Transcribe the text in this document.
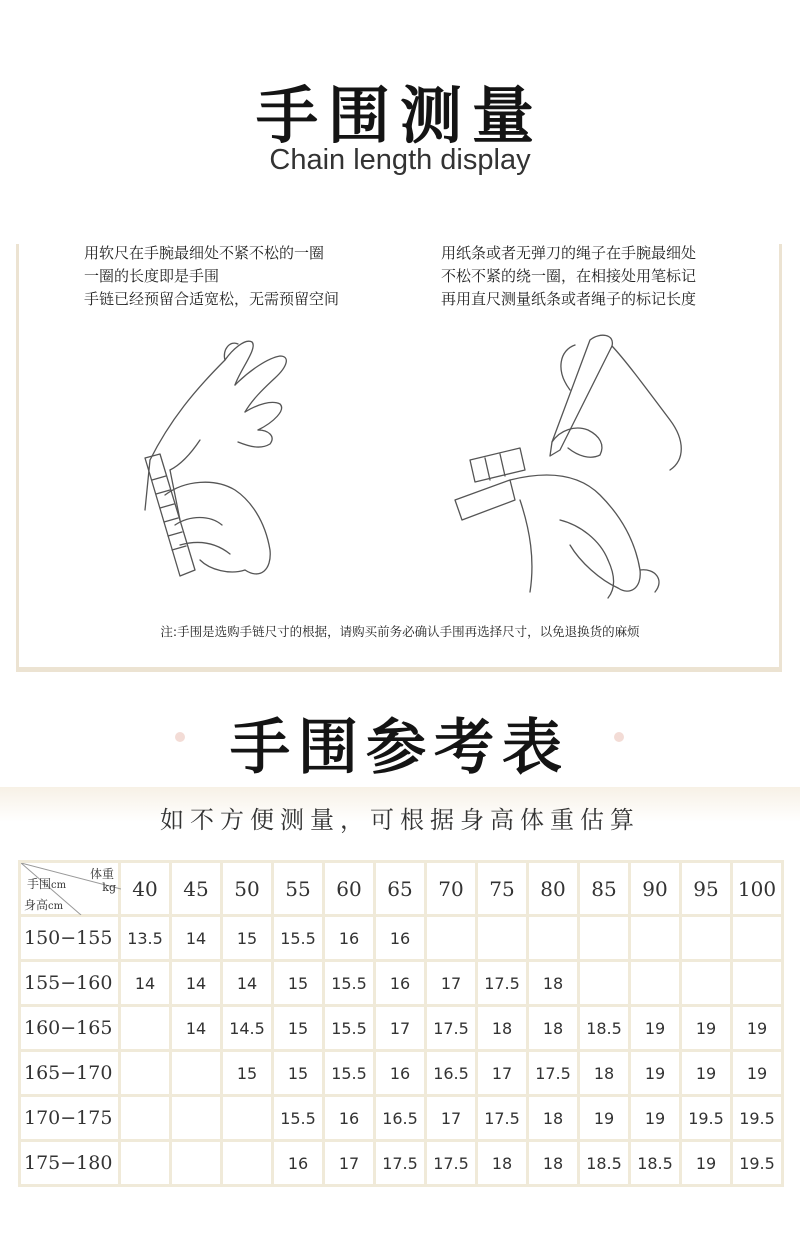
手围测量
Chain length display
用软尺在手腕最细处不紧不松的一圈
一圈的长度即是手围
手链已经预留合适宽松，无需预留空间
用纸条或者无弹刀的绳子在手腕最细处
不松不紧的绕一圈，在相接处用笔标记
再用直尺测量纸条或者绳子的标记长度
注:手围是选购手链尺寸的根据，请购买前务必确认手围再选择尺寸，以免退换货的麻烦
手围参考表
如不方便测量，可根据身高体重估算
体重
kg
手围cm
身高cm	40	45	50	55	60	65	70	75	80	85	90	95	100
150−155	13.5	14	15	15.5	16	16							
155−160	14	14	14	15	15.5	16	17	17.5	18				
160−165		14	14.5	15	15.5	17	17.5	18	18	18.5	19	19	19
165−170			15	15	15.5	16	16.5	17	17.5	18	19	19	19
170−175				15.5	16	16.5	17	17.5	18	19	19	19.5	19.5
175−180				16	17	17.5	17.5	18	18	18.5	18.5	19	19.5
